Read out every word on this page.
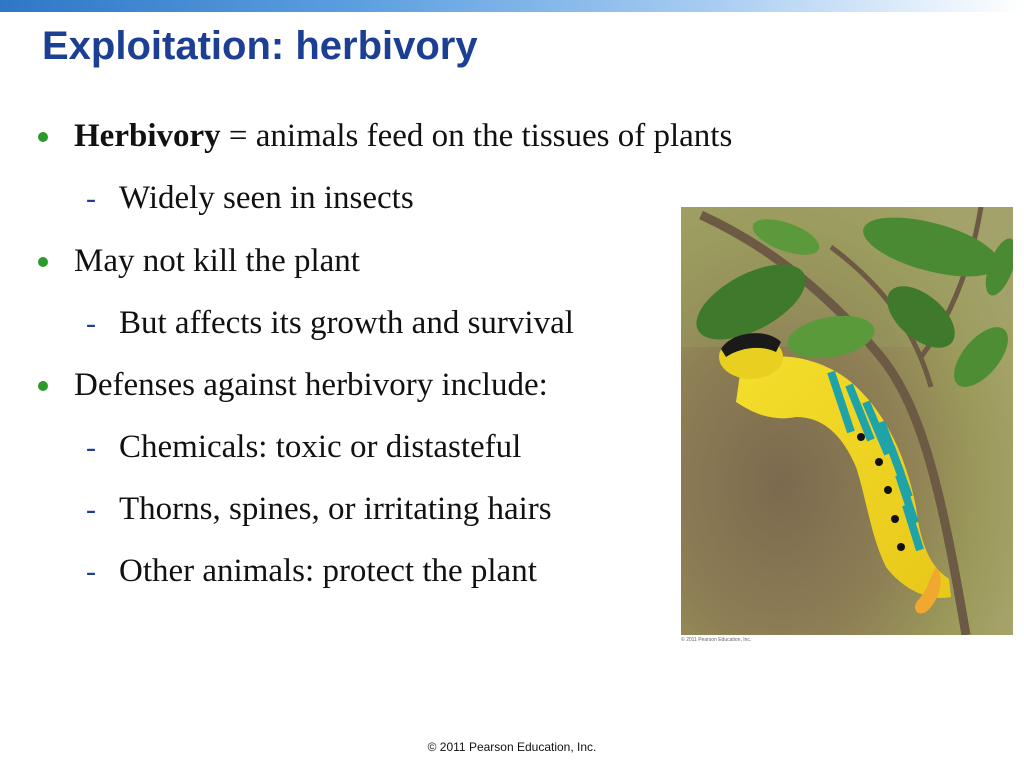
Exploitation: herbivory
Herbivory = animals feed on the tissues of plants
- Widely seen in insects
May not kill the plant
- But affects its growth and survival
Defenses against herbivory include:
- Chemicals: toxic or distasteful
- Thorns, spines, or irritating hairs
- Other animals: protect the plant
© 2011 Pearson Education, Inc.
© 2011 Pearson Education, Inc.
